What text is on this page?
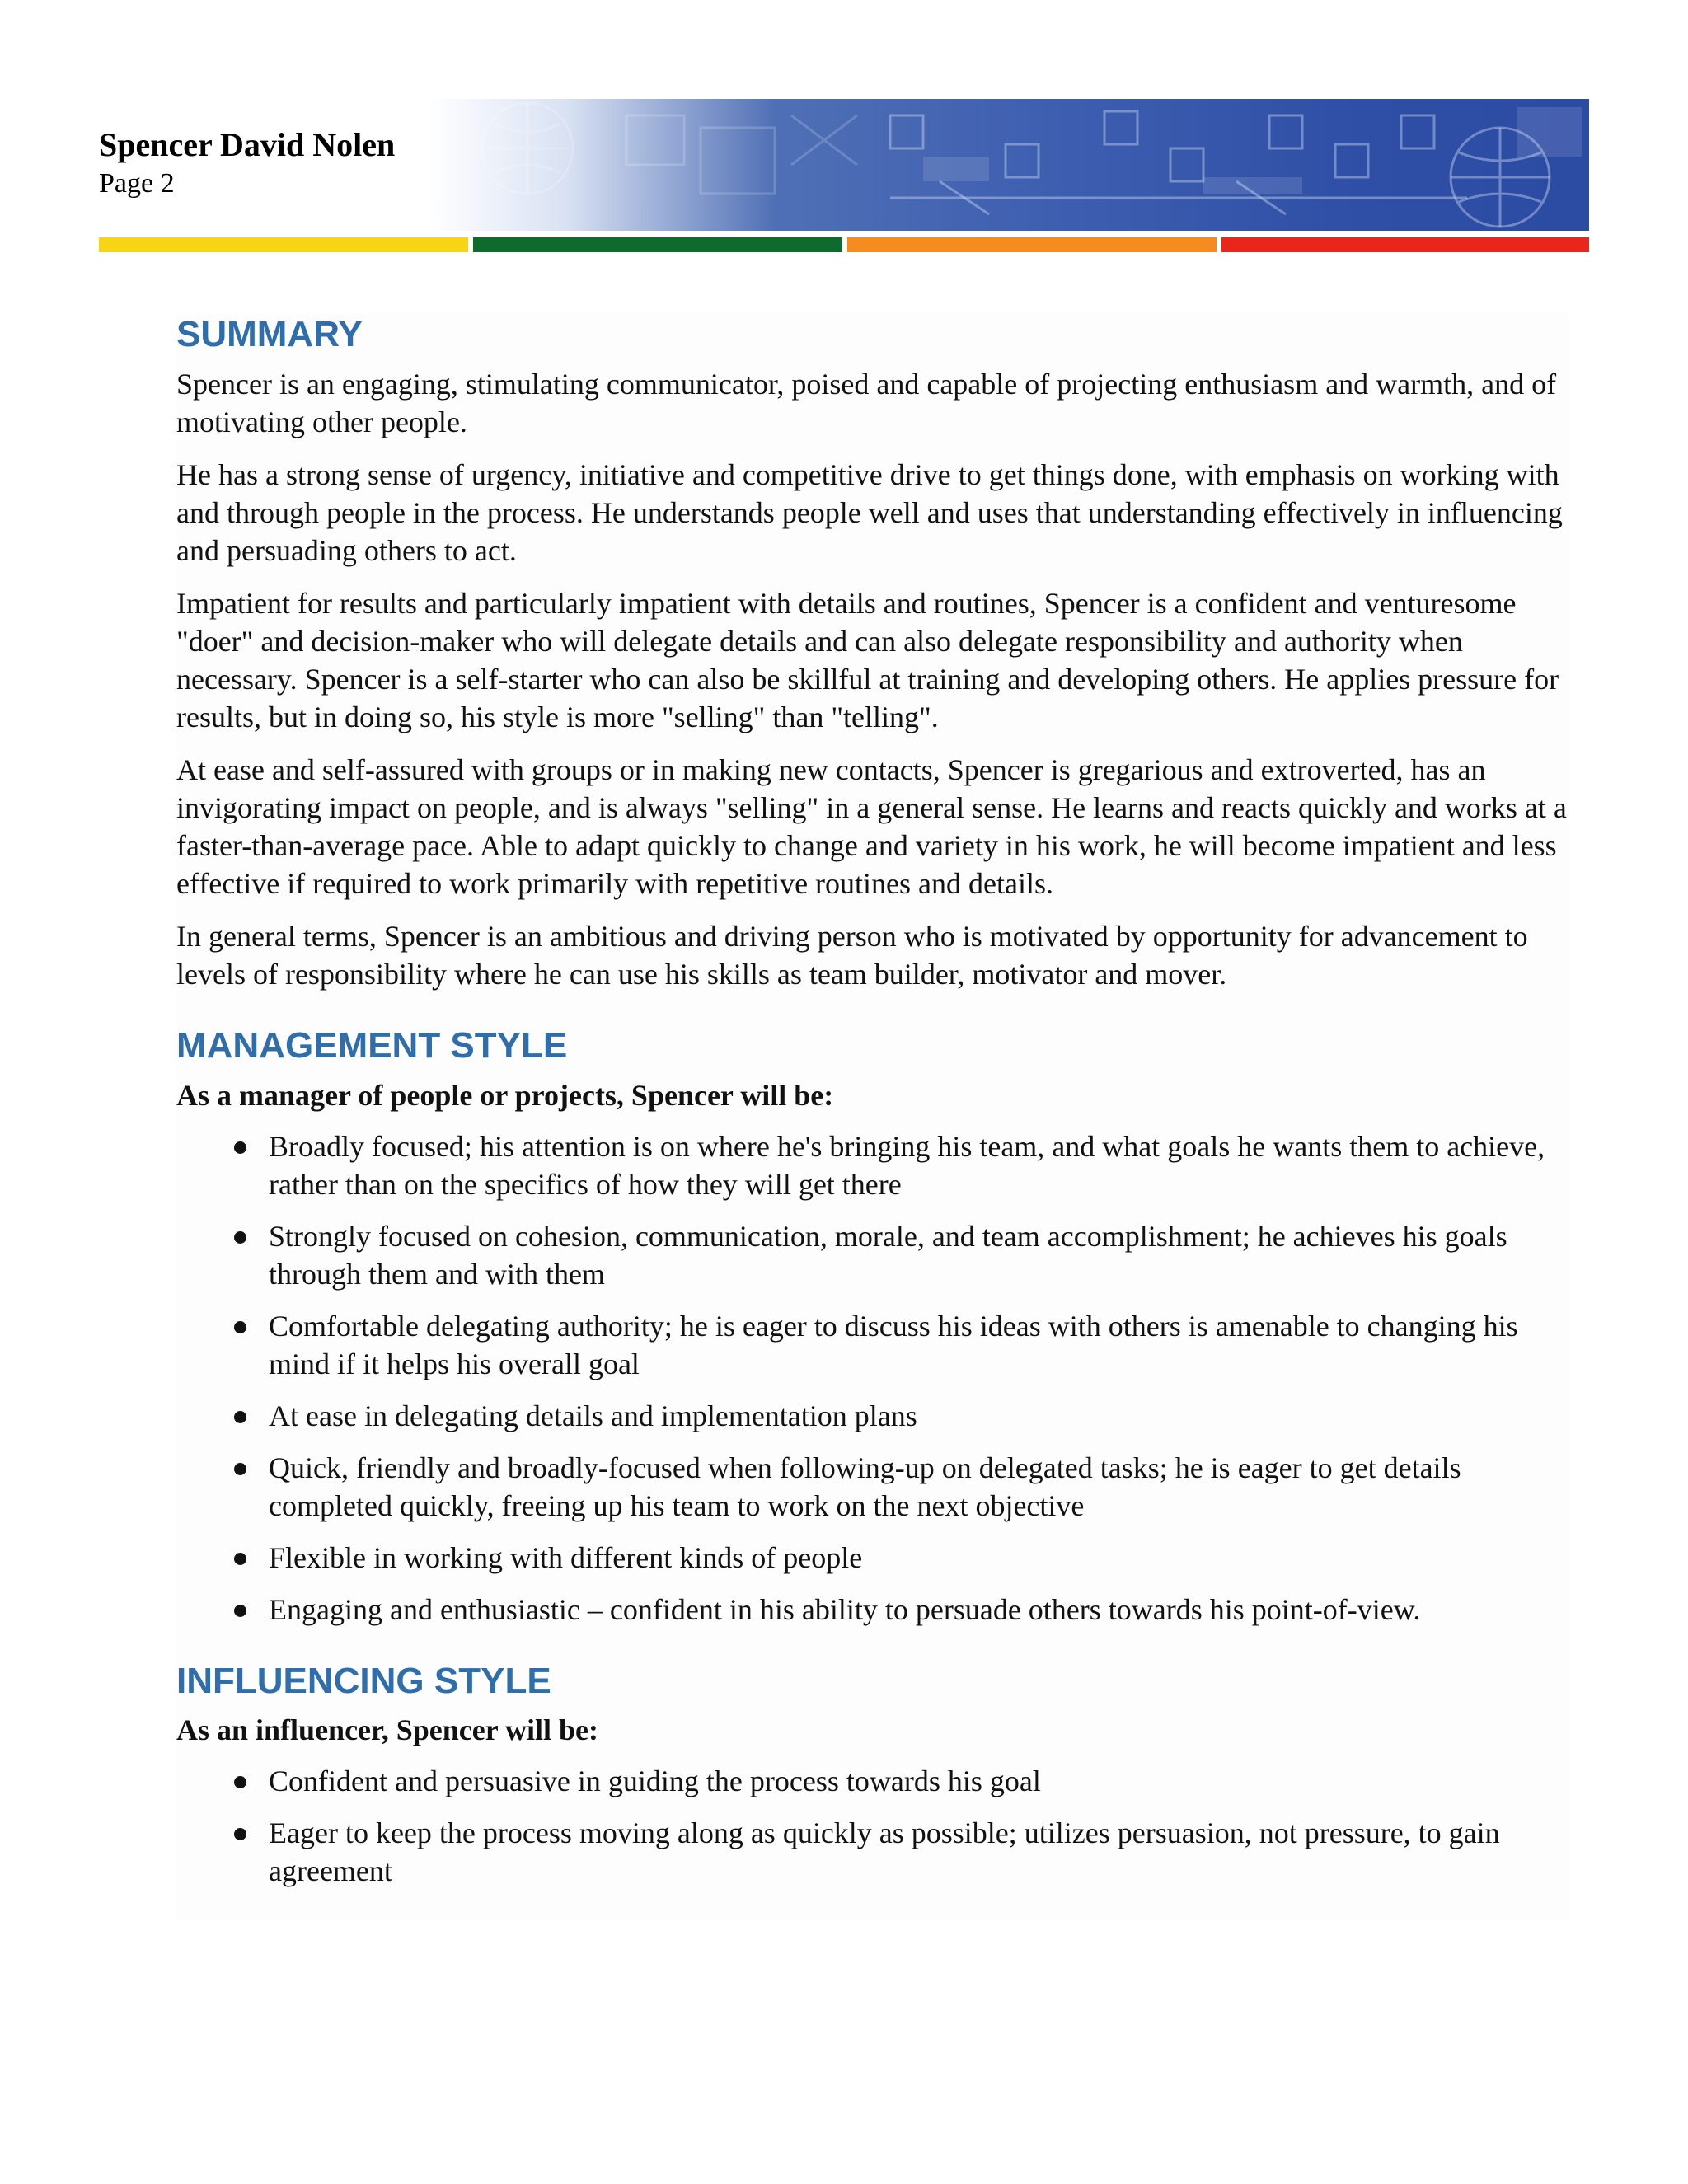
Spencer David Nolen
Page 2
SUMMARY

Spencer is an engaging, stimulating communicator, poised and capable of projecting enthusiasm and warmth, and of motivating other people.

He has a strong sense of urgency, initiative and competitive drive to get things done, with emphasis on working with and through people in the process. He understands people well and uses that understanding effectively in influencing and persuading others to act.

Impatient for results and particularly impatient with details and routines, Spencer is a confident and venturesome "doer" and decision-maker who will delegate details and can also delegate responsibility and authority when necessary. Spencer is a self-starter who can also be skillful at training and developing others. He applies pressure for results, but in doing so, his style is more "selling" than "telling".

At ease and self-assured with groups or in making new contacts, Spencer is gregarious and extroverted, has an invigorating impact on people, and is always "selling" in a general sense. He learns and reacts quickly and works at a faster-than-average pace. Able to adapt quickly to change and variety in his work, he will become impatient and less effective if required to work primarily with repetitive routines and details.

In general terms, Spencer is an ambitious and driving person who is motivated by opportunity for advancement to levels of responsibility where he can use his skills as team builder, motivator and mover.

MANAGEMENT STYLE
As a manager of people or projects, Spencer will be:
Broadly focused; his attention is on where he's bringing his team, and what goals he wants them to achieve, rather than on the specifics of how they will get there
Strongly focused on cohesion, communication, morale, and team accomplishment; he achieves his goals through them and with them
Comfortable delegating authority; he is eager to discuss his ideas with others is amenable to changing his mind if it helps his overall goal
At ease in delegating details and implementation plans
Quick, friendly and broadly-focused when following-up on delegated tasks; he is eager to get details completed quickly, freeing up his team to work on the next objective
Flexible in working with different kinds of people
Engaging and enthusiastic – confident in his ability to persuade others towards his point-of-view.
INFLUENCING STYLE
As an influencer, Spencer will be:
Confident and persuasive in guiding the process towards his goal
Eager to keep the process moving along as quickly as possible; utilizes persuasion, not pressure, to gain agreement
